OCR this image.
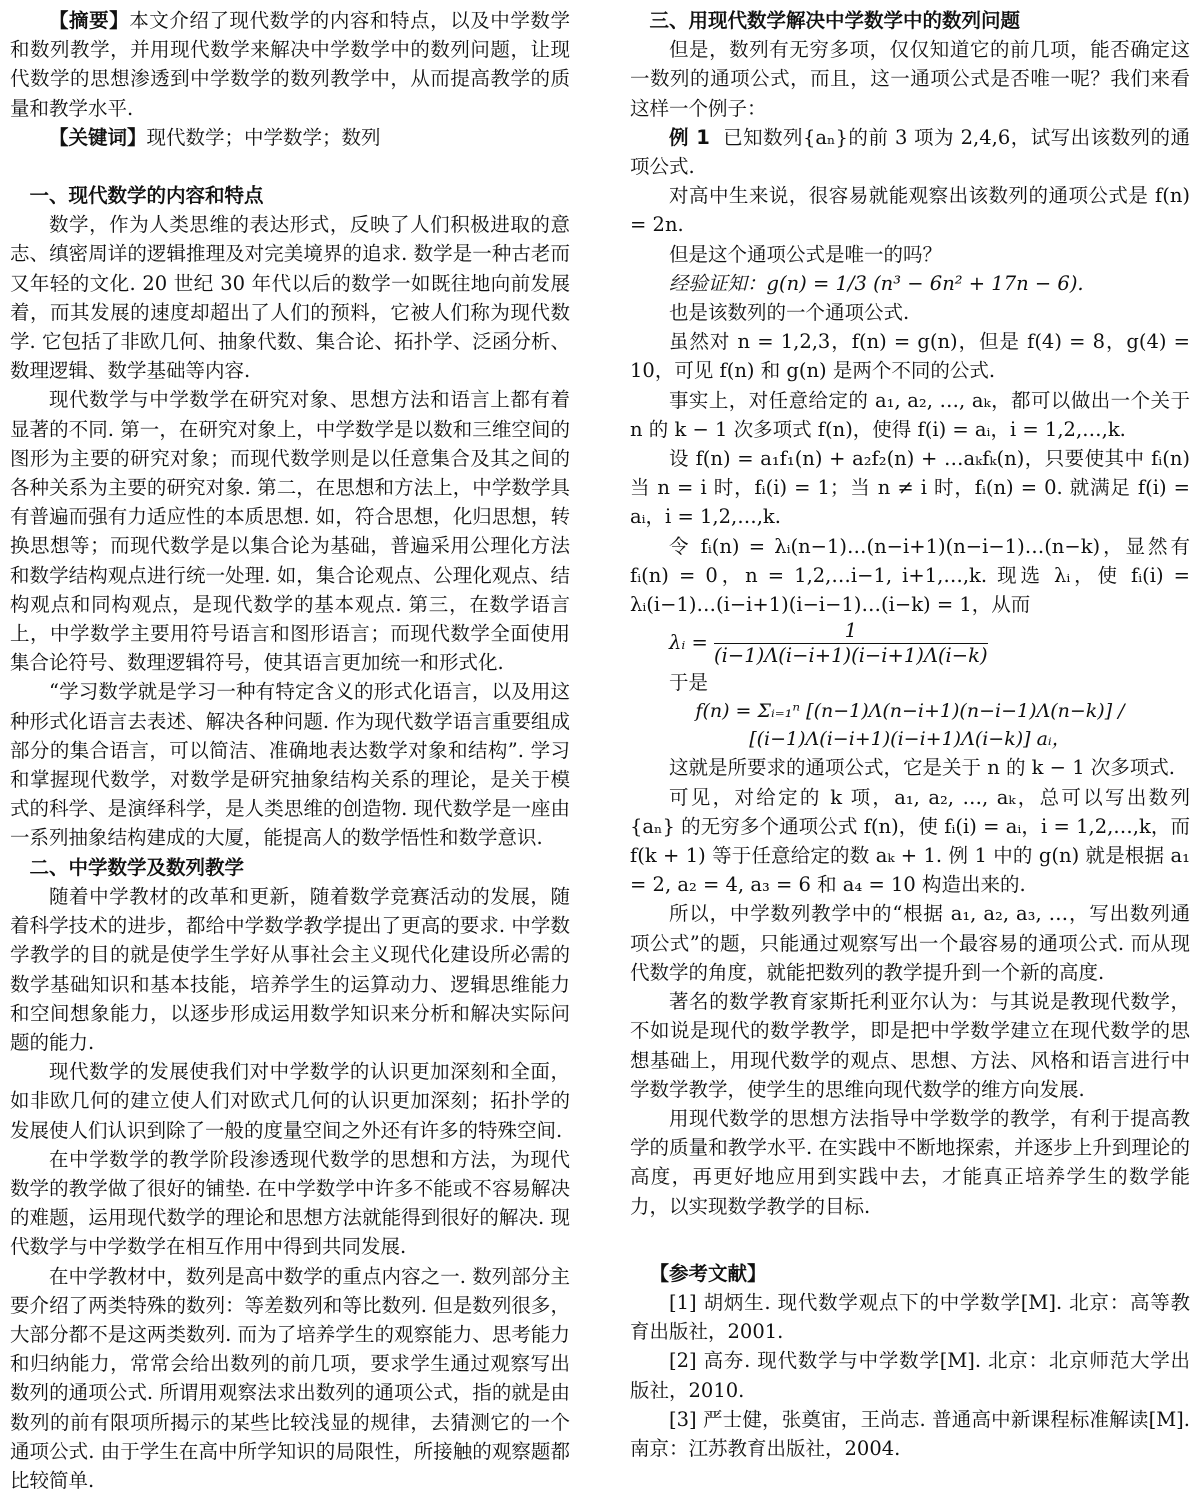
【摘要】本文介绍了现代数学的内容和特点，以及中学数学和数列教学，并用现代数学来解决中学数学中的数列问题，让现代数学的思想渗透到中学数学的数列教学中，从而提高教学的质量和教学水平.

【关键词】现代数学；中学数学；数列

一、现代数学的内容和特点

数学，作为人类思维的表达形式，反映了人们积极进取的意志、缜密周详的逻辑推理及对完美境界的追求. 数学是一种古老而又年轻的文化. 20 世纪 30 年代以后的数学一如既往地向前发展着，而其发展的速度却超出了人们的预料，它被人们称为现代数学. 它包括了非欧几何、抽象代数、集合论、拓扑学、泛函分析、数理逻辑、数学基础等内容.

现代数学与中学数学在研究对象、思想方法和语言上都有着显著的不同. 第一，在研究对象上，中学数学是以数和三维空间的图形为主要的研究对象；而现代数学则是以任意集合及其之间的各种关系为主要的研究对象. 第二，在思想和方法上，中学数学具有普遍而强有力适应性的本质思想. 如，符合思想，化归思想，转换思想等；而现代数学是以集合论为基础，普遍采用公理化方法和数学结构观点进行统一处理. 如，集合论观点、公理化观点、结构观点和同构观点，是现代数学的基本观点. 第三，在数学语言上，中学数学主要用符号语言和图形语言；而现代数学全面使用集合论符号、数理逻辑符号，使其语言更加统一和形式化.

“学习数学就是学习一种有特定含义的形式化语言，以及用这种形式化语言去表述、解决各种问题. 作为现代数学语言重要组成部分的集合语言，可以简洁、准确地表达数学对象和结构”. 学习和掌握现代数学，对数学是研究抽象结构关系的理论，是关于模式的科学、是演绎科学，是人类思维的创造物. 现代数学是一座由一系列抽象结构建成的大厦，能提高人的数学悟性和数学意识.

二、中学数学及数列教学

随着中学教材的改革和更新，随着数学竞赛活动的发展，随着科学技术的进步，都给中学数学教学提出了更高的要求. 中学数学教学的目的就是使学生学好从事社会主义现代化建设所必需的数学基础知识和基本技能，培养学生的运算动力、逻辑思维能力和空间想象能力，以逐步形成运用数学知识来分析和解决实际问题的能力.

现代数学的发展使我们对中学数学的认识更加深刻和全面，如非欧几何的建立使人们对欧式几何的认识更加深刻；拓扑学的发展使人们认识到除了一般的度量空间之外还有许多的特殊空间.

在中学数学的教学阶段渗透现代数学的思想和方法，为现代数学的教学做了很好的铺垫. 在中学数学中许多不能或不容易解决的难题，运用现代数学的理论和思想方法就能得到很好的解决. 现代数学与中学数学在相互作用中得到共同发展.

在中学教材中，数列是高中数学的重点内容之一. 数列部分主要介绍了两类特殊的数列：等差数列和等比数列. 但是数列很多，大部分都不是这两类数列. 而为了培养学生的观察能力、思考能力和归纳能力，常常会给出数列的前几项，要求学生通过观察写出数列的通项公式. 所谓用观察法求出数列的通项公式，指的就是由数列的前有限项所揭示的某些比较浅显的规律，去猜测它的一个通项公式. 由于学生在高中所学知识的局限性，所接触的观察题都比较简单.

三、用现代数学解决中学数学中的数列问题

但是，数列有无穷多项，仅仅知道它的前几项，能否确定这一数列的通项公式，而且，这一通项公式是否唯一呢？我们来看这样一个例子：

例 1 已知数列{aₙ}的前 3 项为 2,4,6，试写出该数列的通项公式.

对高中生来说，很容易就能观察出该数列的通项公式是 f(n) = 2n.

但是这个通项公式是唯一的吗？

经验证知：g(n) = 1/3 (n³ − 6n² + 17n − 6).

也是该数列的一个通项公式.

虽然对 n = 1,2,3，f(n) = g(n)，但是 f(4) = 8，g(4) = 10，可见 f(n) 和 g(n) 是两个不同的公式.

事实上，对任意给定的 a₁, a₂, …, aₖ，都可以做出一个关于 n 的 k − 1 次多项式 f(n)，使得 f(i) = aᵢ，i = 1,2,…,k.

设 f(n) = a₁f₁(n) + a₂f₂(n) + …aₖfₖ(n)，只要使其中 fᵢ(n) 当 n = i 时，fᵢ(i) = 1；当 n ≠ i 时，fᵢ(n) = 0. 就满足 f(i) = aᵢ，i = 1,2,…,k.

令 fᵢ(n) = λᵢ(n−1)…(n−i+1)(n−i−1)…(n−k)，显然有 fᵢ(n) = 0，n = 1,2,…i−1, i+1,…,k. 现选 λᵢ，使 fᵢ(i) = λᵢ(i−1)…(i−i+1)(i−i−1)…(i−k) = 1，从而

λᵢ = $\frac{1}{(i-1)\Lambda(i-i+1)(i-i+1)\Lambda(i-k)}$

于是

f(n) = Σᵢ₌₁ⁿ [(n−1)Λ(n−i+1)(n−i−1)Λ(n−k)] / [(i−1)Λ(i−i+1)(i−i+1)Λ(i−k)] aᵢ，

这就是所要求的通项公式，它是关于 n 的 k − 1 次多项式.

可见，对给定的 k 项，a₁, a₂, …, aₖ，总可以写出数列 {aₙ} 的无穷多个通项公式 f(n)，使 fᵢ(i) = aᵢ，i = 1,2,…,k，而 f(k + 1) 等于任意给定的数 aₖ + 1. 例 1 中的 g(n) 就是根据 a₁ = 2, a₂ = 4, a₃ = 6 和 a₄ = 10 构造出来的.

所以，中学数列教学中的“根据 a₁, a₂, a₃, …，写出数列通项公式”的题，只能通过观察写出一个最容易的通项公式. 而从现代数学的角度，就能把数列的教学提升到一个新的高度.

著名的数学教育家斯托利亚尔认为：与其说是教现代数学，不如说是现代的数学教学，即是把中学数学建立在现代数学的思想基础上，用现代数学的观点、思想、方法、风格和语言进行中学数学教学，使学生的思维向现代数学的维方向发展.

用现代数学的思想方法指导中学数学的教学，有利于提高教学的质量和教学水平. 在实践中不断地探索，并逐步上升到理论的高度，再更好地应用到实践中去，才能真正培养学生的数学能力，以实现数学教学的目标.

【参考文献】

[1] 胡炳生. 现代数学观点下的中学数学[M]. 北京：高等教育出版社，2001.

[2] 高夯. 现代数学与中学数学[M]. 北京：北京师范大学出版社，2010.

[3] 严士健，张奠宙，王尚志. 普通高中新课程标准解读[M]. 南京：江苏教育出版社，2004.
